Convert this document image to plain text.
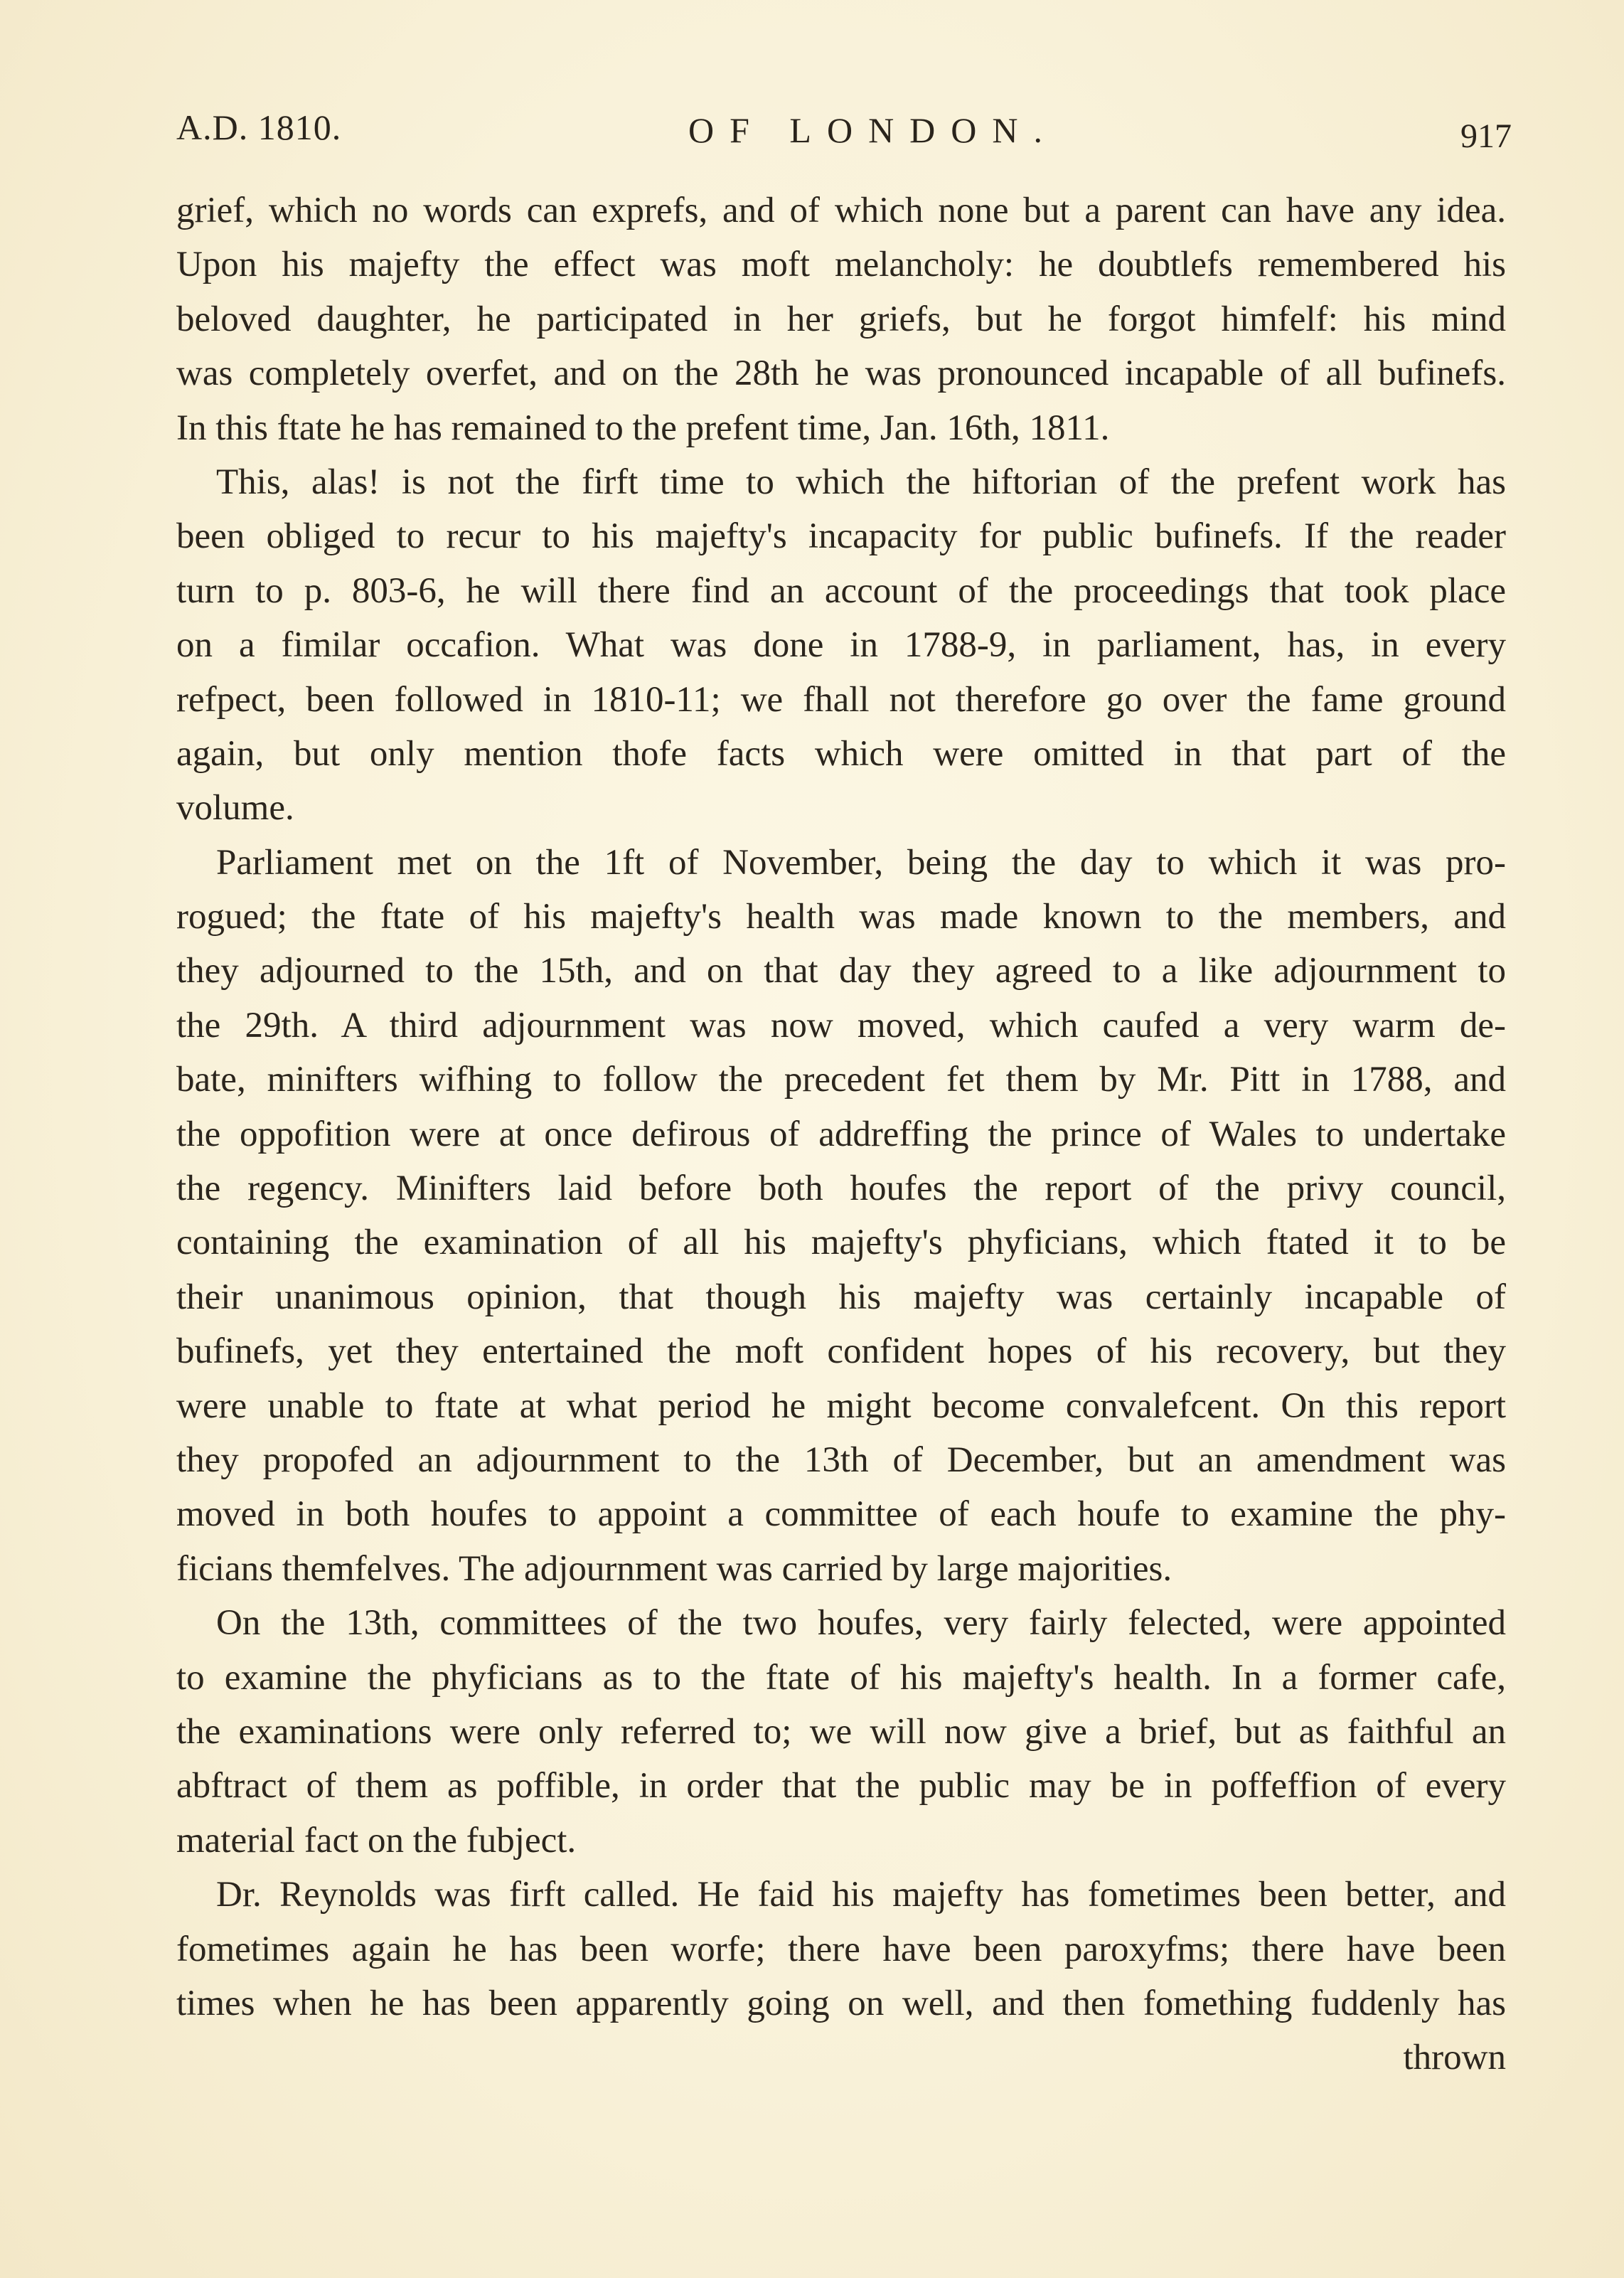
A.D. 1810.	OF LONDON.	917
grief, which no words can exprefs, and of which none but a parent can have any idea.
Upon his majefty the effect was moft melancholy: he doubtlefs remembered his
beloved daughter, he participated in her griefs, but he forgot himfelf: his mind
was completely overfet, and on the 28th he was pronounced incapable of all bufinefs.
In this ftate he has remained to the prefent time, Jan. 16th, 1811.
This, alas! is not the firft time to which the hiftorian of the prefent work has
been obliged to recur to his majefty's incapacity for public bufinefs. If the reader
turn to p. 803-6, he will there find an account of the proceedings that took place
on a fimilar occafion. What was done in 1788-9, in parliament, has, in every
refpect, been followed in 1810-11; we fhall not therefore go over the fame ground
again, but only mention thofe facts which were omitted in that part of the
volume.
Parliament met on the 1ft of November, being the day to which it was pro-
rogued; the ftate of his majefty's health was made known to the members, and
they adjourned to the 15th, and on that day they agreed to a like adjournment to
the 29th. A third adjournment was now moved, which caufed a very warm de-
bate, minifters wifhing to follow the precedent fet them by Mr. Pitt in 1788, and
the oppofition were at once defirous of addreffing the prince of Wales to undertake
the regency. Minifters laid before both houfes the report of the privy council,
containing the examination of all his majefty's phyficians, which ftated it to be
their unanimous opinion, that though his majefty was certainly incapable of
bufinefs, yet they entertained the moft confident hopes of his recovery, but they
were unable to ftate at what period he might become convalefcent. On this report
they propofed an adjournment to the 13th of December, but an amendment was
moved in both houfes to appoint a committee of each houfe to examine the phy-
ficians themfelves. The adjournment was carried by large majorities.
On the 13th, committees of the two houfes, very fairly felected, were appointed
to examine the phyficians as to the ftate of his majefty's health. In a former cafe,
the examinations were only referred to; we will now give a brief, but as faithful an
abftract of them as poffible, in order that the public may be in poffeffion of every
material fact on the fubject.
Dr. Reynolds was firft called. He faid his majefty has fometimes been better, and
fometimes again he has been worfe; there have been paroxyfms; there have been
times when he has been apparently going on well, and then fomething fuddenly has
thrown
